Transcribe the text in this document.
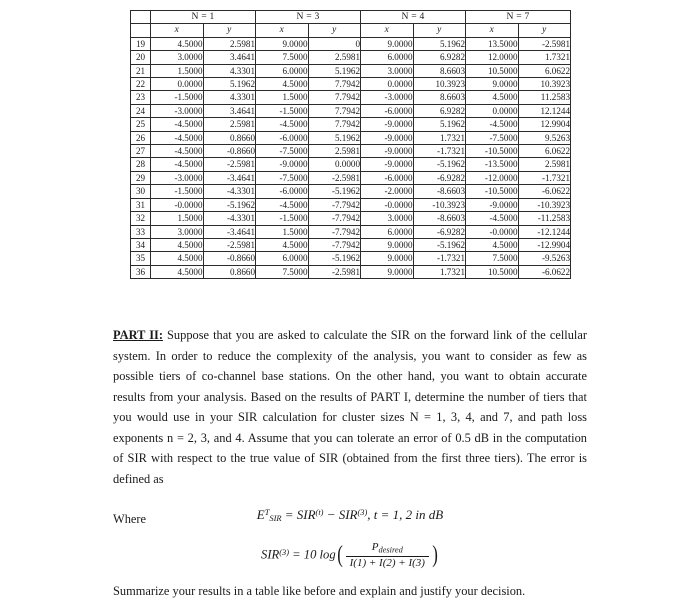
	N = 1		N = 3		N = 4		N = 7	
	x	y	x	y	x	y	x	y
19	4.5000	2.5981	9.0000	0	9.0000	5.1962	13.5000	-2.5981
20	3.0000	3.4641	7.5000	2.5981	6.0000	6.9282	12.0000	1.7321
21	1.5000	4.3301	6.0000	5.1962	3.0000	8.6603	10.5000	6.0622
22	0.0000	5.1962	4.5000	7.7942	0.0000	10.3923	9.0000	10.3923
23	-1.5000	4.3301	1.5000	7.7942	-3.0000	8.6603	4.5000	11.2583
24	-3.0000	3.4641	-1.5000	7.7942	-6.0000	6.9282	0.0000	12.1244
25	-4.5000	2.5981	-4.5000	7.7942	-9.0000	5.1962	-4.5000	12.9904
26	-4.5000	0.8660	-6.0000	5.1962	-9.0000	1.7321	-7.5000	9.5263
27	-4.5000	-0.8660	-7.5000	2.5981	-9.0000	-1.7321	-10.5000	6.0622
28	-4.5000	-2.5981	-9.0000	0.0000	-9.0000	-5.1962	-13.5000	2.5981
29	-3.0000	-3.4641	-7.5000	-2.5981	-6.0000	-6.9282	-12.0000	-1.7321
30	-1.5000	-4.3301	-6.0000	-5.1962	-2.0000	-8.6603	-10.5000	-6.0622
31	-0.0000	-5.1962	-4.5000	-7.7942	-0.0000	-10.3923	-9.0000	-10.3923
32	1.5000	-4.3301	-1.5000	-7.7942	3.0000	-8.6603	-4.5000	-11.2583
33	3.0000	-3.4641	1.5000	-7.7942	6.0000	-6.9282	-0.0000	-12.1244
34	4.5000	-2.5981	4.5000	-7.7942	9.0000	-5.1962	4.5000	-12.9904
35	4.5000	-0.8660	6.0000	-5.1962	9.0000	-1.7321	7.5000	-9.5263
36	4.5000	0.8660	7.5000	-2.5981	9.0000	1.7321	10.5000	-6.0622

PART II: Suppose that you are asked to calculate the SIR on the forward link of the cellular system. In order to reduce the complexity of the analysis, you want to consider as few as possible tiers of co-channel base stations. On the other hand, you want to obtain accurate results from your analysis. Based on the results of PART I, determine the number of tiers that you would use in your SIR calculation for cluster sizes N = 1, 3, 4, and 7, and path loss exponents n = 2, 3, and 4. Assume that you can tolerate an error of 0.5 dB in the computation of SIR with respect to the true value of SIR (obtained from the first three tiers). The error is defined as

$E^T_{SIR} = SIR^{(t)} - SIR^{(3)}$, t = 1, 2 in dB
Where
$SIR^{(3)} = 10$ $\log( \frac{P_{desired}}{I(1) + I(2) + I(3)}$ )
Summarize your results in a table like before and explain and justify your decision.
